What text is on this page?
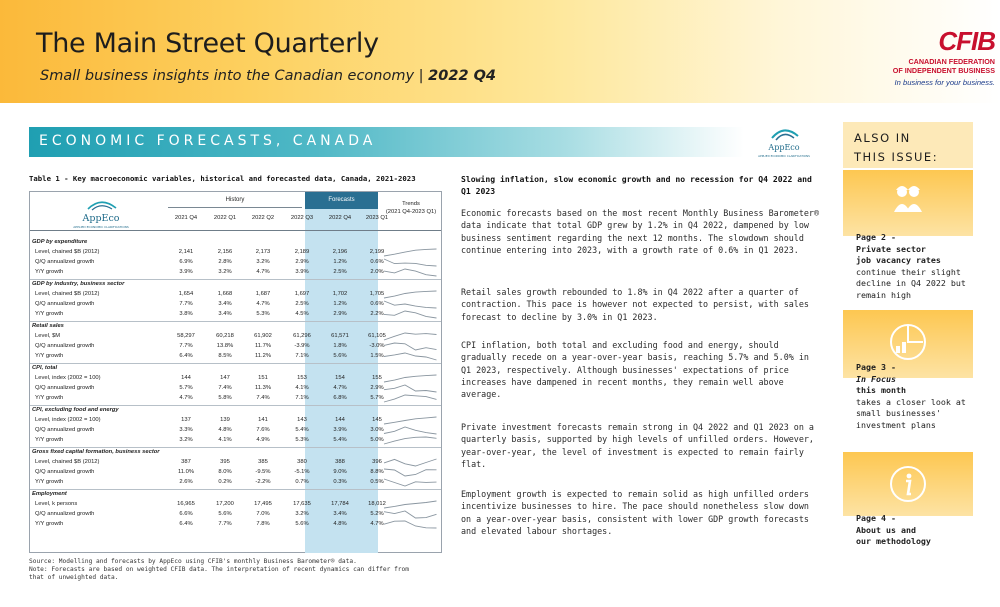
The Main Street Quarterly
Small business insights into the Canadian economy | 2022 Q4
CFIB
CANADIAN FEDERATION
OF INDEPENDENT BUSINESS
In business for your business.
ECONOMIC FORECASTS, CANADA	AppEco
APPLIED ECONOMIC CLARIFICATIONS
Table 1 - Key macroeconomic variables, historical and forecasted data, Canada, 2021-2023
Forecasts
History
Trends
(2021 Q4-2023 Q1)
AppEco
APPLIED ECONOMIC CLARIFICATIONS
2021 Q4	2022 Q1	2022 Q2	2022 Q3	2022 Q4	2023 Q1
GDP by expenditure
Level, chained $B (2012)	2,141	2,156	2,173	2,189	2,196	2,199
Q/Q annualized growth	6.9%	2.8%	3.2%	2.9%	1.2%	0.6%
Y/Y growth	3.9%	3.2%	4.7%	3.9%	2.5%	2.0%
GDP by industry, business sector
Level, chained $B (2012)	1,654	1,668	1,687	1,697	1,702	1,705
Q/Q annualized growth	7.7%	3.4%	4.7%	2.5%	1.2%	0.6%
Y/Y growth	3.8%	3.4%	5.3%	4.5%	2.9%	2.2%
Retail sales
Level, $M	58,297	60,218	61,902	61,296	61,571	61,105
Q/Q annualized growth	7.7%	13.8%	11.7%	-3.9%	1.8%	-3.0%
Y/Y growth	6.4%	8.5%	11.2%	7.1%	5.6%	1.5%
CPI, total
Level, index (2002 = 100)	144	147	151	153	154	155
Q/Q annualized growth	5.7%	7.4%	11.3%	4.1%	4.7%	2.9%
Y/Y growth	4.7%	5.8%	7.4%	7.1%	6.8%	5.7%
CPI, excluding food and energy
Level, index (2002 = 100)	137	139	141	143	144	145
Q/Q annualized growth	3.3%	4.8%	7.6%	5.4%	3.9%	3.0%
Y/Y growth	3.2%	4.1%	4.9%	5.3%	5.4%	5.0%
Gross fixed capital formation, business sector
Level, chained $B (2012)	387	395	385	380	388	396
Q/Q annualized growth	11.0%	8.0%	-9.5%	-5.1%	9.0%	8.8%
Y/Y growth	2.6%	0.2%	-2.2%	0.7%	0.3%	0.5%
Employment
Level, k persons	16,965	17,200	17,495	17,635	17,784	18,012
Q/Q annualized growth	6.6%	5.6%	7.0%	3.2%	3.4%	5.2%
Y/Y growth	6.4%	7.7%	7.8%	5.6%	4.8%	4.7%
Source: Modelling and forecasts by AppEco using CFIB's monthly Business Barometer® data.
Note: Forecasts are based on weighted CFIB data. The interpretation of recent dynamics can differ from
that of unweighted data.
Slowing inflation, slow economic growth and no recession for Q4 2022 and Q1 2023
Economic forecasts based on the most recent Monthly Business Barometer® data indicate that total GDP grew by 1.2% in Q4 2022, dampened by low business sentiment regarding the next 12 months. The slowdown should continue entering into 2023, with a growth rate of 0.6% in Q1 2023.
Retail sales growth rebounded to 1.8% in Q4 2022 after a quarter of contraction. This pace is however not expected to persist, with sales forecast to decline by 3.0% in Q1 2023.
CPI inflation, both total and excluding food and energy, should gradually recede on a year-over-year basis, reaching 5.7% and 5.0% in Q1 2023, respectively. Although businesses' expectations of price increases have dampened in recent months, they remain well above average.
Private investment forecasts remain strong in Q4 2022 and Q1 2023 on a quarterly basis, supported by high levels of unfilled orders. However, year-over-year, the level of investment is expected to remain fairly flat.
Employment growth is expected to remain solid as high unfilled orders incentivize businesses to hire. The pace should nonetheless slow down on a year-over-year basis, consistent with lower GDP growth forecasts and elevated labour shortages.
ALSO IN
THIS ISSUE:
Page 2 -
Private sector
job vacancy rates
continue their slight decline in Q4 2022 but remain high
Page 3 -
In Focus
this month
takes a closer look at small businesses' investment plans
Page 4 -
About us and
our methodology
